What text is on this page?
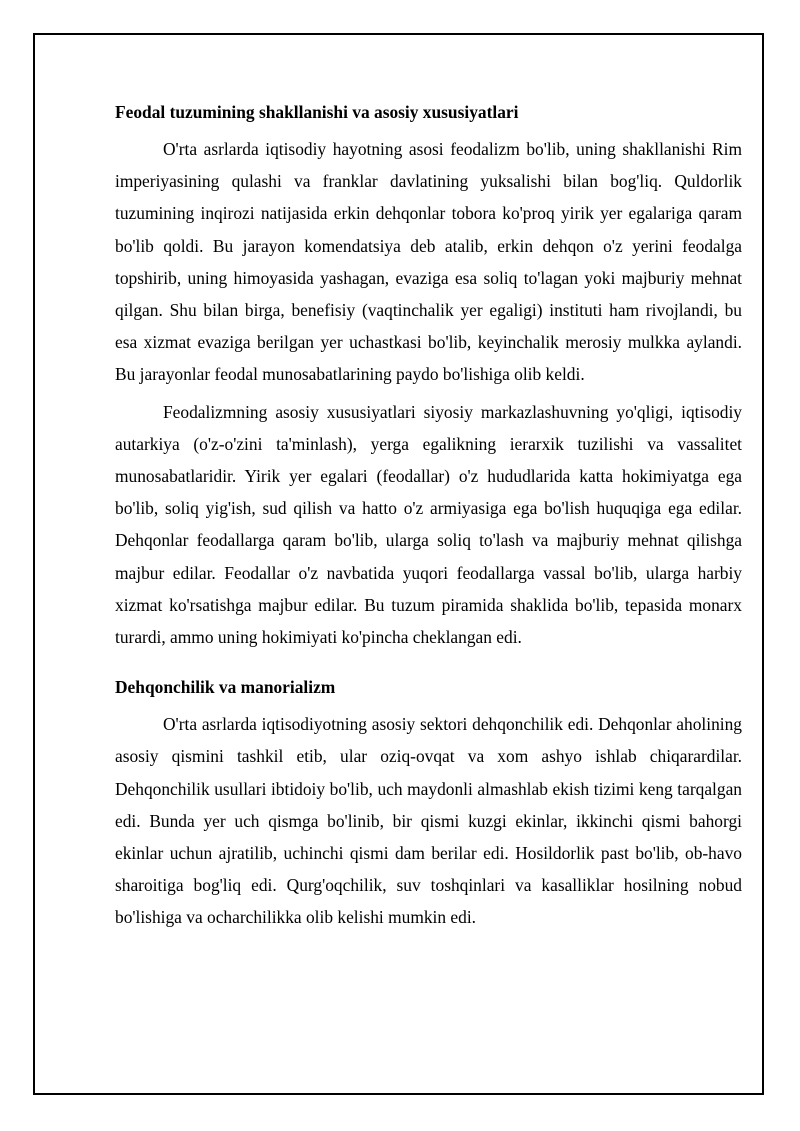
Feodal tuzumining shakllanishi va asosiy xususiyatlari

O'rta asrlarda iqtisodiy hayotning asosi feodalizm bo'lib, uning shakllanishi Rim imperiyasining qulashi va franklar davlatining yuksalishi bilan bog'liq. Quldorlik tuzumining inqirozi natijasida erkin dehqonlar tobora ko'proq yirik yer egalariga qaram bo'lib qoldi. Bu jarayon komendatsiya deb atalib, erkin dehqon o'z yerini feodalga topshirib, uning himoyasida yashagan, evaziga esa soliq to'lagan yoki majburiy mehnat qilgan. Shu bilan birga, benefisiy (vaqtinchalik yer egaligi) instituti ham rivojlandi, bu esa xizmat evaziga berilgan yer uchastkasi bo'lib, keyinchalik merosiy mulkka aylandi. Bu jarayonlar feodal munosabatlarining paydo bo'lishiga olib keldi.

Feodalizmning asosiy xususiyatlari siyosiy markazlashuvning yo'qligi, iqtisodiy autarkiya (o'z-o'zini ta'minlash), yerga egalikning ierarxik tuzilishi va vassalitet munosabatlaridir. Yirik yer egalari (feodallar) o'z hududlarida katta hokimiyatga ega bo'lib, soliq yig'ish, sud qilish va hatto o'z armiyasiga ega bo'lish huquqiga ega edilar. Dehqonlar feodallarga qaram bo'lib, ularga soliq to'lash va majburiy mehnat qilishga majbur edilar. Feodallar o'z navbatida yuqori feodallarga vassal bo'lib, ularga harbiy xizmat ko'rsatishga majbur edilar. Bu tuzum piramida shaklida bo'lib, tepasida monarx turardi, ammo uning hokimiyati ko'pincha cheklangan edi.

Dehqonchilik va manorializm

O'rta asrlarda iqtisodiyotning asosiy sektori dehqonchilik edi. Dehqonlar aholining asosiy qismini tashkil etib, ular oziq-ovqat va xom ashyo ishlab chiqarardilar. Dehqonchilik usullari ibtidoiy bo'lib, uch maydonli almashlab ekish tizimi keng tarqalgan edi. Bunda yer uch qismga bo'linib, bir qismi kuzgi ekinlar, ikkinchi qismi bahorgi ekinlar uchun ajratilib, uchinchi qismi dam berilar edi. Hosildorlik past bo'lib, ob-havo sharoitiga bog'liq edi. Qurg'oqchilik, suv toshqinlari va kasalliklar hosilning nobud bo'lishiga va ocharchilikka olib kelishi mumkin edi.
